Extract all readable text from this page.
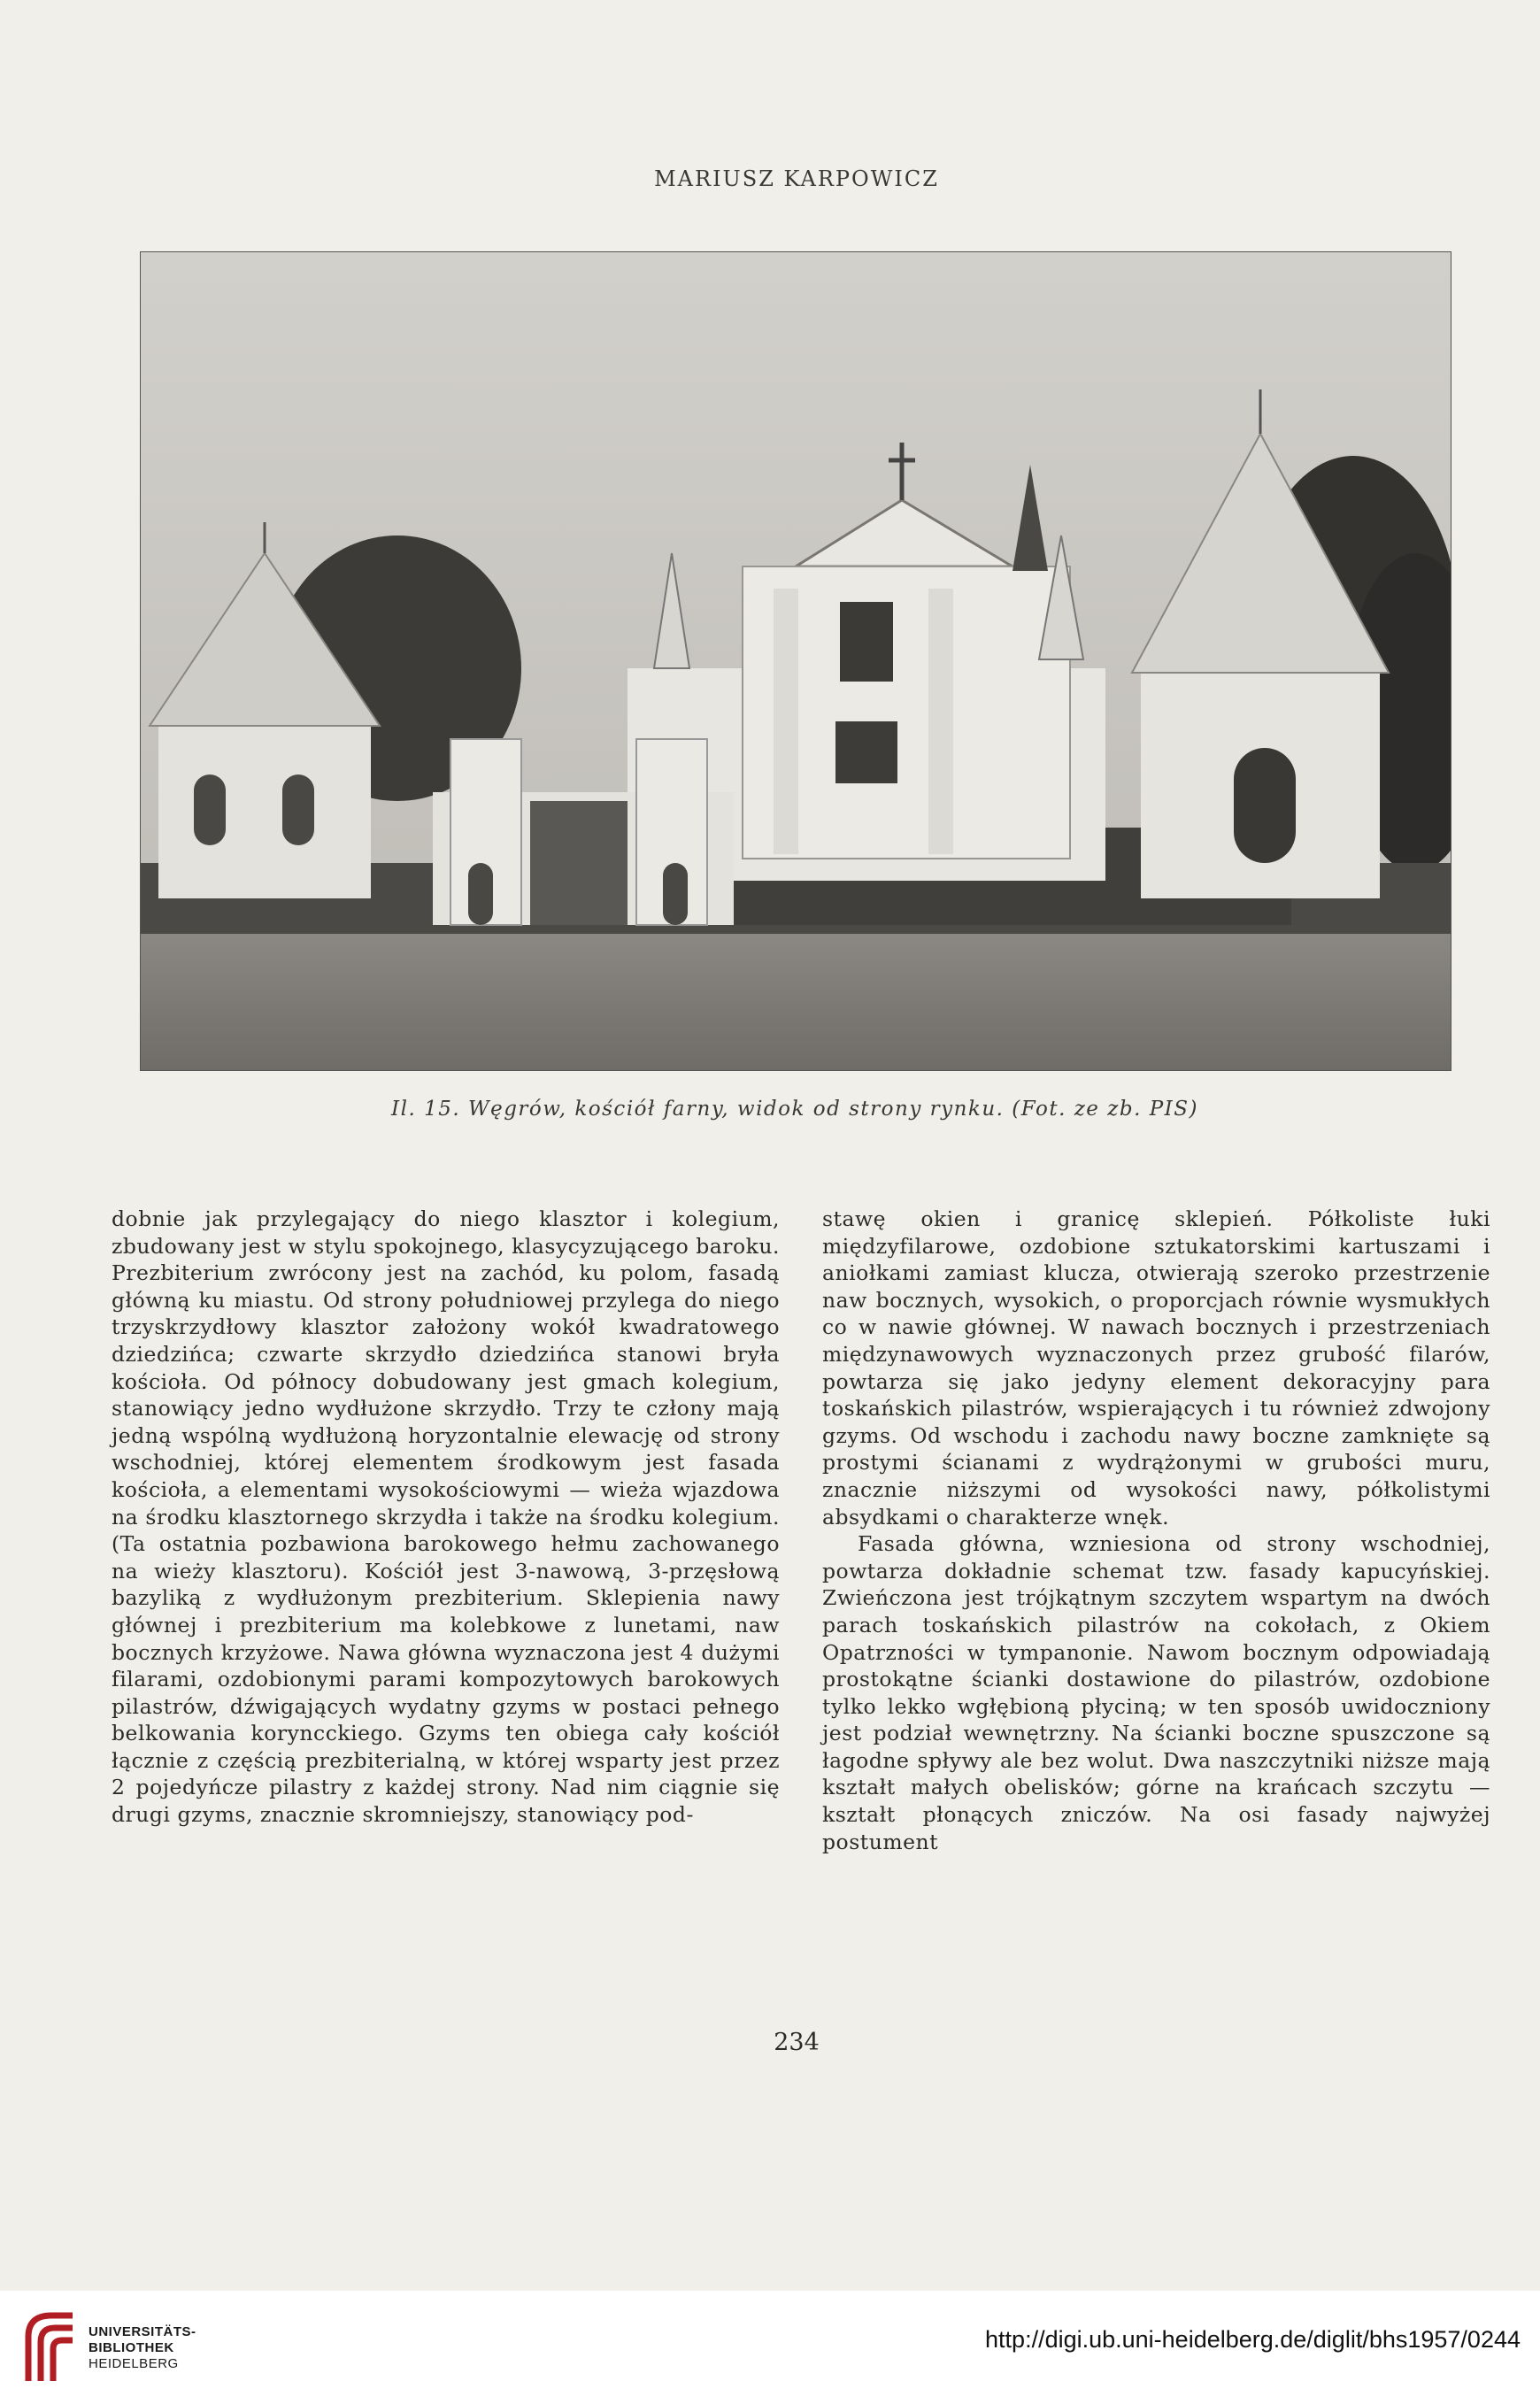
MARIUSZ KARPOWICZ
Il. 15. Węgrów, kościół farny, widok od strony rynku. (Fot. ze zb. PIS)

dobnie jak przylegający do niego klasztor i kolegium, zbudowany jest w stylu spokojnego, klasycyzującego baroku. Prezbiterium zwrócony jest na zachód, ku polom, fasadą główną ku miastu. Od strony południowej przylega do niego trzyskrzydłowy klasztor założony wokół kwadratowego dziedzińca; czwarte skrzydło dziedzińca stanowi bryła kościoła. Od północy dobudowany jest gmach kolegium, stanowiący jedno wydłużone skrzydło. Trzy te człony mają jedną wspólną wydłużoną horyzontalnie elewację od strony wschodniej, której elementem środkowym jest fasada kościoła, a elementami wysokościowymi — wieża wjazdowa na środku klasztornego skrzydła i także na środku kolegium. (Ta ostatnia pozbawiona barokowego hełmu zachowanego na wieży klasztoru). Kościół jest 3-nawową, 3-przęsłową bazyliką z wydłużonym prezbiterium. Sklepienia nawy głównej i prezbiterium ma kolebkowe z lunetami, naw bocznych krzyżowe. Nawa główna wyznaczona jest 4 dużymi filarami, ozdobionymi parami kompozytowych barokowych pilastrów, dźwigających wydatny gzyms w postaci pełnego belkowania koryncckiego. Gzyms ten obiega cały kościół łącznie z częścią prezbiterialną, w której wsparty jest przez 2 pojedyńcze pilastry z każdej strony. Nad nim ciągnie się drugi gzyms, znacznie skromniejszy, stanowiący pod-

stawę okien i granicę sklepień. Półkoliste łuki międzyfilarowe, ozdobione sztukatorskimi kartuszami i aniołkami zamiast klucza, otwierają szeroko przestrzenie naw bocznych, wysokich, o proporcjach równie wysmukłych co w nawie głównej. W nawach bocznych i przestrzeniach międzynawowych wyznaczonych przez grubość filarów, powtarza się jako jedyny element dekoracyjny para toskańskich pilastrów, wspierających i tu również zdwojony gzyms. Od wschodu i zachodu nawy boczne zamknięte są prostymi ścianami z wydrążonymi w grubości muru, znacznie niższymi od wysokości nawy, półkolistymi absydkami o charakterze wnęk.

Fasada główna, wzniesiona od strony wschodniej, powtarza dokładnie schemat tzw. fasady kapucyńskiej. Zwieńczona jest trójkątnym szczytem wspartym na dwóch parach toskańskich pilastrów na cokołach, z Okiem Opatrzności w tympanonie. Nawom bocznym odpowiadają prostokątne ścianki dostawione do pilastrów, ozdobione tylko lekko wgłębioną płyciną; w ten sposób uwidoczniony jest podział wewnętrzny. Na ścianki boczne spuszczone są łagodne spływy ale bez wolut. Dwa naszczytniki niższe mają kształt małych obelisków; górne na krańcach szczytu — kształt płonących zniczów. Na osi fasady najwyżej postument

234
UNIVERSITÄTS-
BIBLIOTHEK
HEIDELBERG
http://digi.ub.uni-heidelberg.de/diglit/bhs1957/0244
